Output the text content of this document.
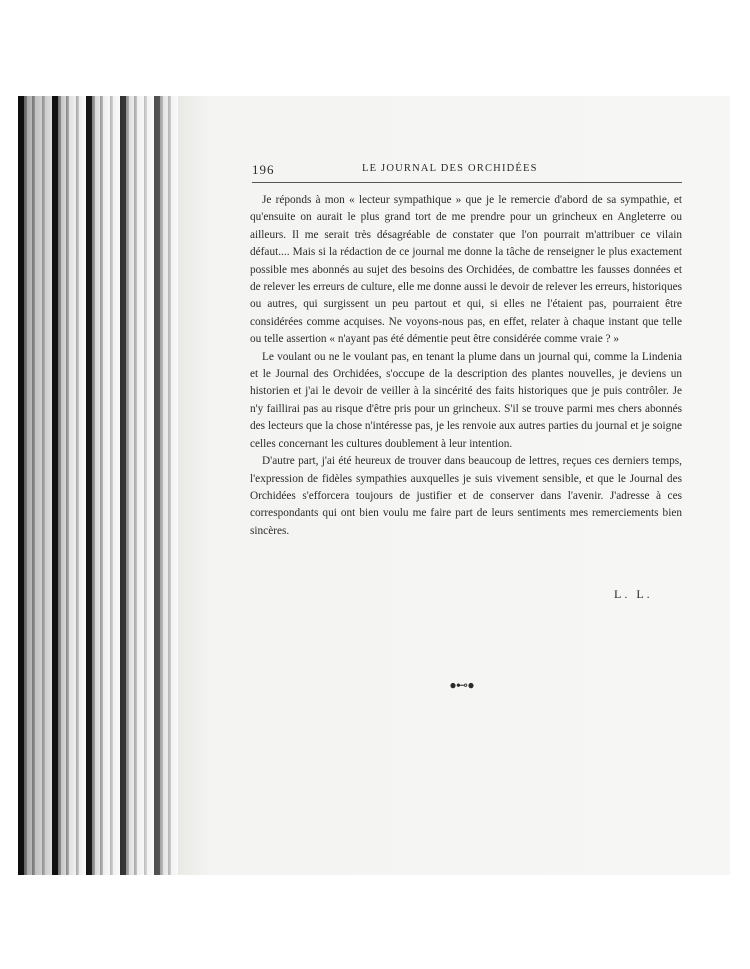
196	LE JOURNAL DES ORCHIDÉES

Je réponds à mon « lecteur sympathique » que je le remercie d'abord de sa sympathie, et qu'ensuite on aurait le plus grand tort de me prendre pour un grincheux en Angleterre ou ailleurs. Il me serait très désagréable de constater que l'on pourrait m'attribuer ce vilain défaut.... Mais si la rédaction de ce journal me donne la tâche de renseigner le plus exactement possible mes abonnés au sujet des besoins des Orchidées, de combattre les fausses données et de relever les erreurs de culture, elle me donne aussi le devoir de relever les erreurs, historiques ou autres, qui surgissent un peu partout et qui, si elles ne l'étaient pas, pourraient être considérées comme acquises. Ne voyons-nous pas, en effet, relater à chaque instant que telle ou telle assertion « n'ayant pas été démentie peut être considérée comme vraie ? »

Le voulant ou ne le voulant pas, en tenant la plume dans un journal qui, comme la Lindenia et le Journal des Orchidées, s'occupe de la description des plantes nouvelles, je deviens un historien et j'ai le devoir de veiller à la sincérité des faits historiques que je puis contrôler. Je n'y faillirai pas au risque d'être pris pour un grincheux. S'il se trouve parmi mes chers abonnés des lecteurs que la chose n'intéresse pas, je les renvoie aux autres parties du journal et je soigne celles concernant les cultures doublement à leur intention.

D'autre part, j'ai été heureux de trouver dans beaucoup de lettres, reçues ces derniers temps, l'expression de fidèles sympathies auxquelles je suis vivement sensible, et que le Journal des Orchidées s'efforcera toujours de justifier et de conserver dans l'avenir. J'adresse à ces correspondants qui ont bien voulu me faire part de leurs sentiments mes remerciements bien sincères.

L. L.
⦁⊷⦁
